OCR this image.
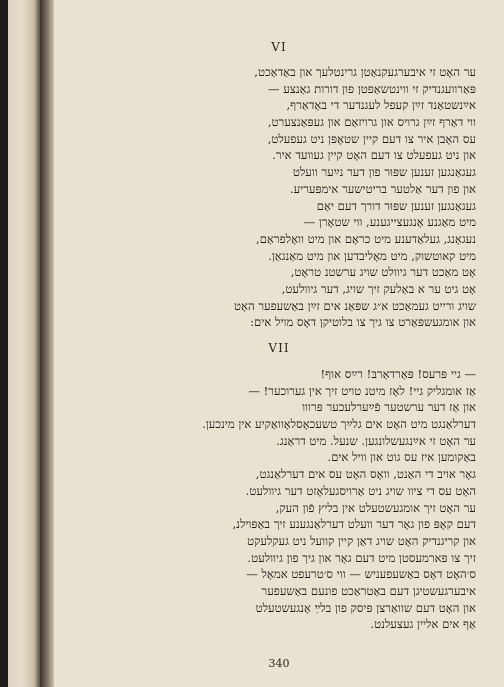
VI
ער האָט זי איבערגעקנאַטן גרינטלעך און באַדאַכט,
פּאַרוועגנדיק זי ווינטשאַפטן פון דורות גאַנצע —
אײַנשטאַנד זײַן קעפל לעגנדער די באַדאַרף,
ווי דאַרף זײַן גרויס און גרויזאַם און געפּאַנצערט,
עס האָבן איר צו דעם קיין שטאָפּן ניט געפעלט,
און ניט געפעלט צו דעם האָט קיין געוועד איר.
געגאַנגען זענען שפּוּר פון דער נײַער וועלט
און פון דער אַלטער בריטישער אימפּעריע.
געגאַנגען זענען שפּוּר דורך דעם יאַם
מיט מאַגנע אָנגעצייגענע, ווי שטאָרן —
נעגאָנג, געלאַדענע מיט כראָם און מיט וואָלפראַם,
מיט קאוטשוק, מיט מאָליבדען און מיט מאַנגאַן.
אָט מאַכט דער גיוולט שויג ערשטנ טראָט,
אָט גיט ער א באַלעק זיך שויג, דער גיוולעט,
שויג ורייט געמאַכט א״ג שפּאַנ אים זײַן באַשעפער האָט
און אומגעשפּאַרט צו גיך צו בלוטיקן דאָס מויל אים:
VII
— גיי פּרעס! פּאַרדאַרבּ! רײַס אוף!
אַז אומגליק גיי! לאָז מיטנ טויט זיך אין גערוכער! —
און אַז דער ערשטער פֿײַערלעכער פּרווו
דערלאַנגט מיט האָט אים גלײַך טשעכאָסלאָוואַקיע אין מינכען.
ער האָט זי אײַנגעשלונגען. שנעל. מיט דראַנג.
באַקומען איז עס גוט און וויל אים.
גאָר אויב די האַנט, וואָס האָט עס אים דערלאַנגט,
האָט עס די ציוו שויג ניט אַרויסגעלאָזט דער גיוולעט.
ער האָט זיך אומגעשטעלט אין בליץ פֿון העק,
דעם קאָפּ פון גאָר דער וועלט דערלאַנגענע זיך באַפּוילנ,
און קריגנדיק האָט שויג דאַן קיין קוועל ניט געקלעקט
זיך צו פּארמעסטן מיט דעם גאָר און גיך פון גיוולעט.
ס׳האָט דאָס באַשעפעניש — ווי ס׳טרעפט אמאָל —
איבערגעשטיגן דעם באַטראַכט פונעם באַשעפער
און האָט דעם שוואַרצן פּיסק פון בלײַ אָנגעשטעלט
אַף אים אליין געצעלנט.
340
